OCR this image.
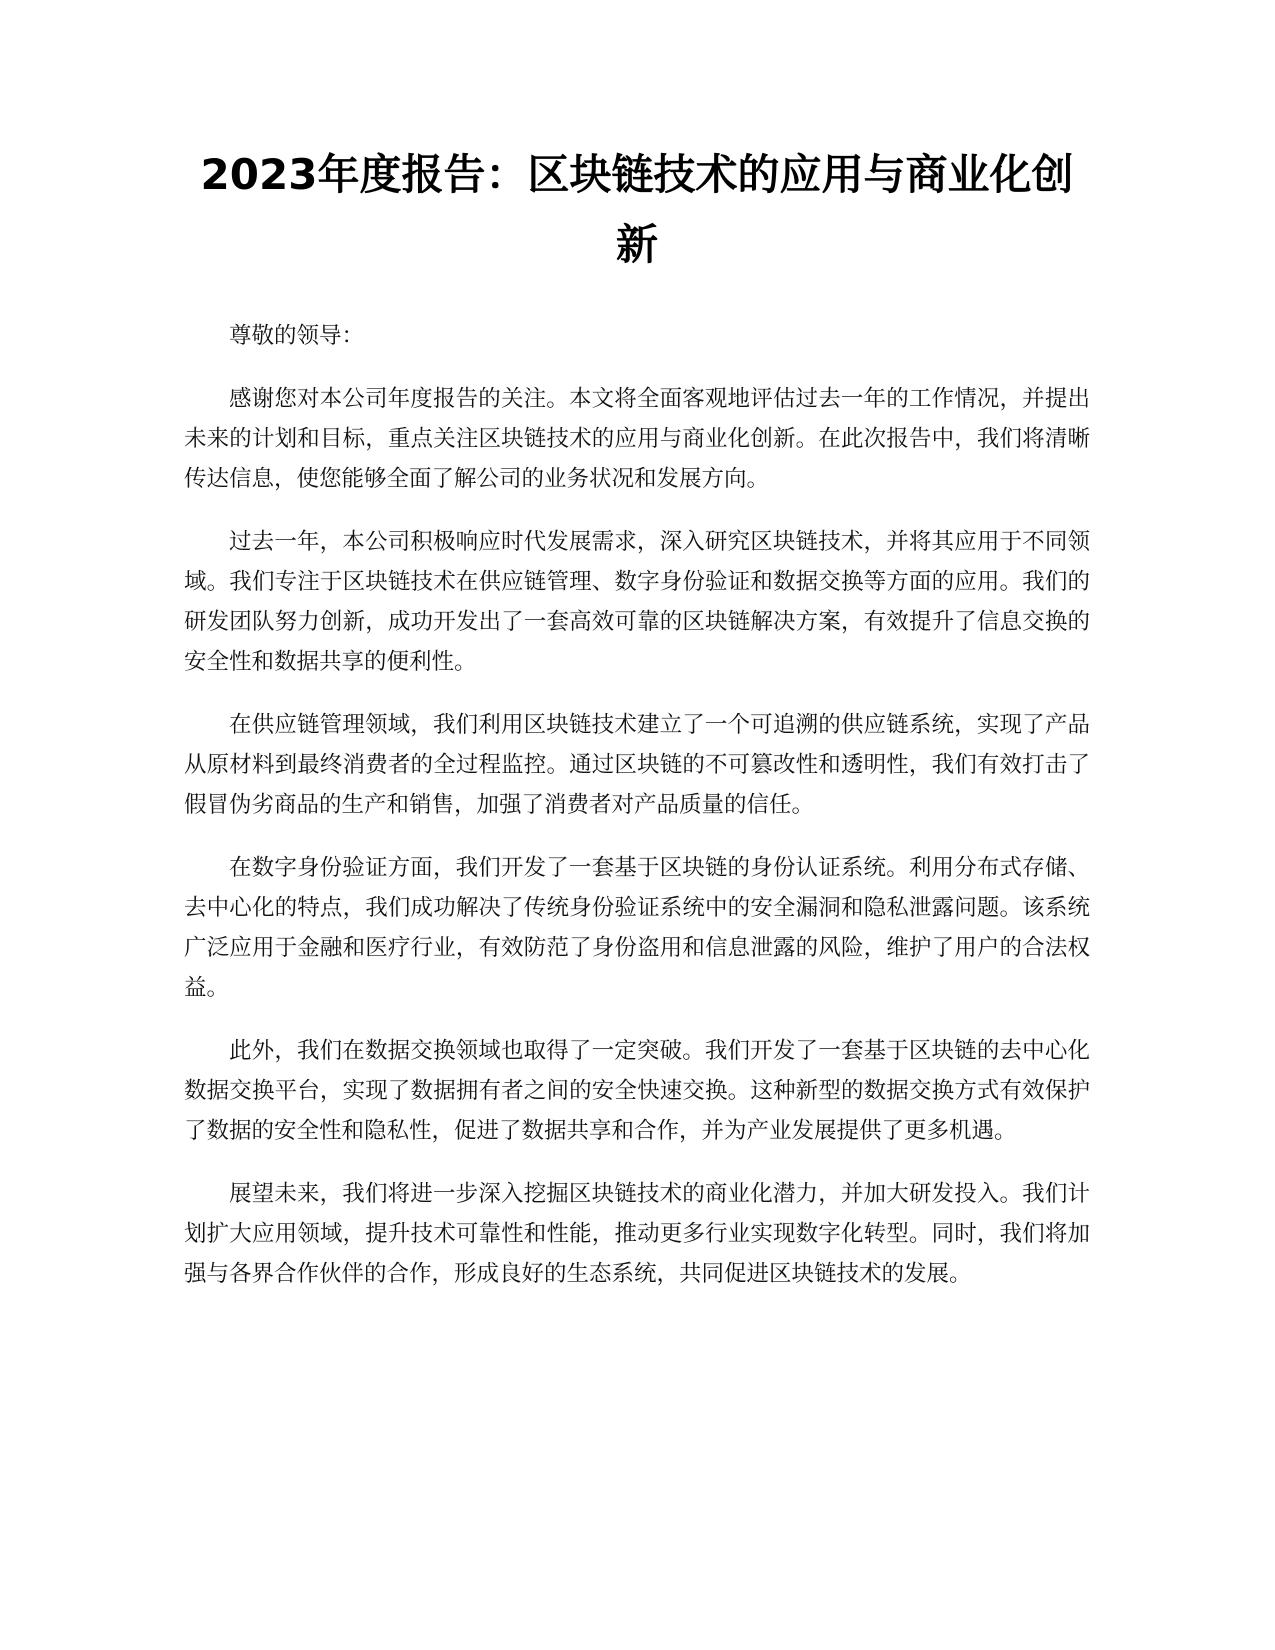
2023年度报告：区块链技术的应用与商业化创新

尊敬的领导：

感谢您对本公司年度报告的关注。本文将全面客观地评估过去一年的工作情况，并提出未来的计划和目标，重点关注区块链技术的应用与商业化创新。在此次报告中，我们将清晰传达信息，使您能够全面了解公司的业务状况和发展方向。

过去一年，本公司积极响应时代发展需求，深入研究区块链技术，并将其应用于不同领域。我们专注于区块链技术在供应链管理、数字身份验证和数据交换等方面的应用。我们的研发团队努力创新，成功开发出了一套高效可靠的区块链解决方案，有效提升了信息交换的安全性和数据共享的便利性。

在供应链管理领域，我们利用区块链技术建立了一个可追溯的供应链系统，实现了产品从原材料到最终消费者的全过程监控。通过区块链的不可篡改性和透明性，我们有效打击了假冒伪劣商品的生产和销售，加强了消费者对产品质量的信任。

在数字身份验证方面，我们开发了一套基于区块链的身份认证系统。利用分布式存储、去中心化的特点，我们成功解决了传统身份验证系统中的安全漏洞和隐私泄露问题。该系统广泛应用于金融和医疗行业，有效防范了身份盗用和信息泄露的风险，维护了用户的合法权益。

此外，我们在数据交换领域也取得了一定突破。我们开发了一套基于区块链的去中心化数据交换平台，实现了数据拥有者之间的安全快速交换。这种新型的数据交换方式有效保护了数据的安全性和隐私性，促进了数据共享和合作，并为产业发展提供了更多机遇。

展望未来，我们将进一步深入挖掘区块链技术的商业化潜力，并加大研发投入。我们计划扩大应用领域，提升技术可靠性和性能，推动更多行业实现数字化转型。同时，我们将加强与各界合作伙伴的合作，形成良好的生态系统，共同促进区块链技术的发展。
